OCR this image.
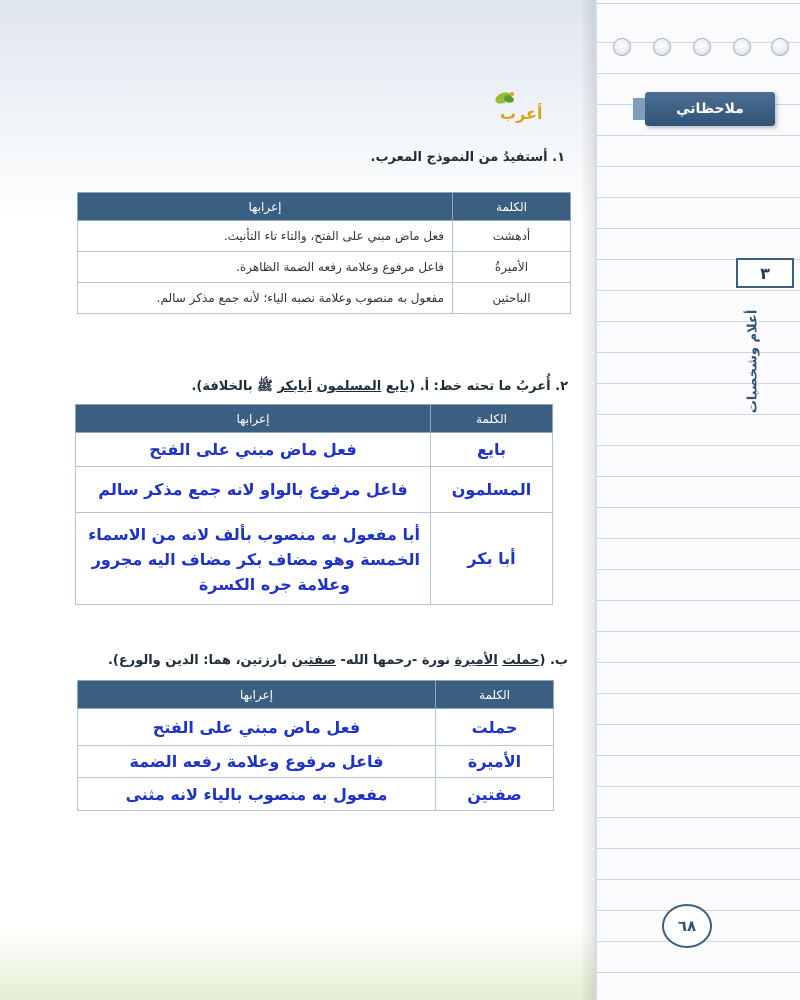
ملاحظاتي
٣
أعلام وشخصيات
٦٨
أعرب
١. أستفيدُ من النموذج المعرب.
الكلمة	إعرابها
أدهشت	فعل ماض مبني على الفتح، والتاء تاء التأنيث.
الأميرةُ	فاعل مرفوع وعلامة رفعه الضمة الظاهرة.
الباحثين	مفعول به منصوب وعلامة نصبه الياء؛ لأنه جمع مذكر سالم.
٢. أُعربُ ما تحته خط: أ. (بايع المسلمون أبابكر ﷺ بالخلافة).
الكلمة	إعرابها
بايع	فعل ماض مبني على الفتح
المسلمون	فاعل مرفوع بالواو لانه جمع مذكر سالم
أبا بكر	أبا مفعول به منصوب بألف لانه من الاسماء
الخمسة وهو مضاف بكر مضاف اليه مجرور
وعلامة جره الكسرة
ب. (حملت الأميرة نورة -رحمها الله- صفتين بارزتين، هما: الدين والورع).
الكلمة	إعرابها
حملت	فعل ماض مبني على الفتح
الأميرة	فاعل مرفوع وعلامة رفعه الضمة
صفتين	مفعول به منصوب بالياء لانه مثنى
